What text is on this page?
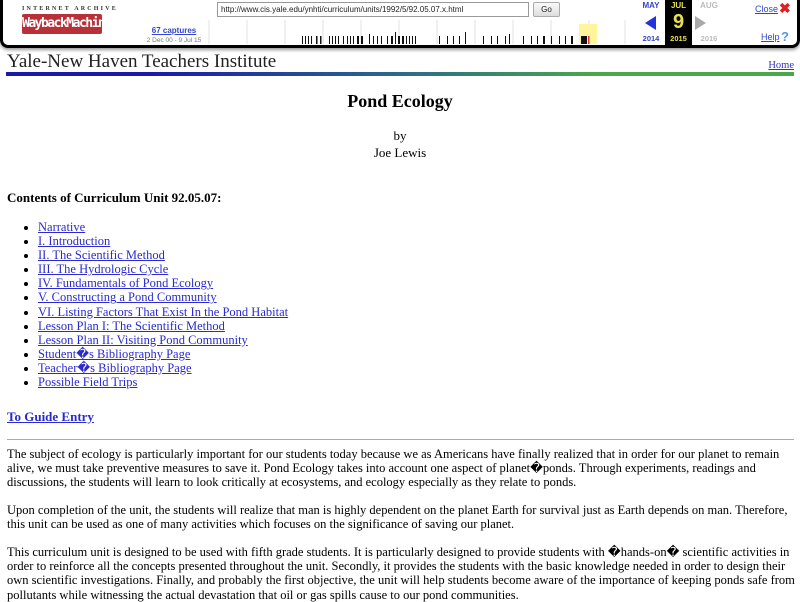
INTERNET ARCHIVE
WaybackMachine	67 captures
2 Dec 00 - 9 Jul 15
http://www.cis.yale.edu/ynhti/curriculum/units/1992/5/92.05.07.x.html
Go	MAY
2014
JUL
9
2015
AUG
2016
Close ✖
Help ?
Yale-New Haven Teachers Institute	Home
Pond Ecology
by
Joe Lewis
Contents of Curriculum Unit 92.05.07:
• Narrative
• I. Introduction
• II. The Scientific Method
• III. The Hydrologic Cycle
• IV. Fundamentals of Pond Ecology
• V. Constructing a Pond Community
• VI. Listing Factors That Exist In the Pond Habitat
• Lesson Plan I: The Scientific Method
• Lesson Plan II: Visiting Pond Community
• Student�s Bibliography Page
• Teacher�s Bibliography Page
• Possible Field Trips
To Guide Entry

The subject of ecology is particularly important for our students today because we as Americans have finally realized that in order for our planet to remain alive, we must take preventive measures to save it. Pond Ecology takes into account one aspect of planet�ponds. Through experiments, readings and discussions, the students will learn to look critically at ecosystems, and ecology especially as they relate to ponds.

Upon completion of the unit, the students will realize that man is highly dependent on the planet Earth for survival just as Earth depends on man. Therefore, this unit can be used as one of many activities which focuses on the significance of saving our planet.

This curriculum unit is designed to be used with fifth grade students. It is particularly designed to provide students with �hands-on� scientific activities in order to reinforce all the concepts presented throughout the unit. Secondly, it provides the students with the basic knowledge needed in order to design their own scientific investigations. Finally, and probably the first objective, the unit will help students become aware of the importance of keeping ponds safe from pollutants while witnessing the actual devastation that oil or gas spills cause to our pond communities.
